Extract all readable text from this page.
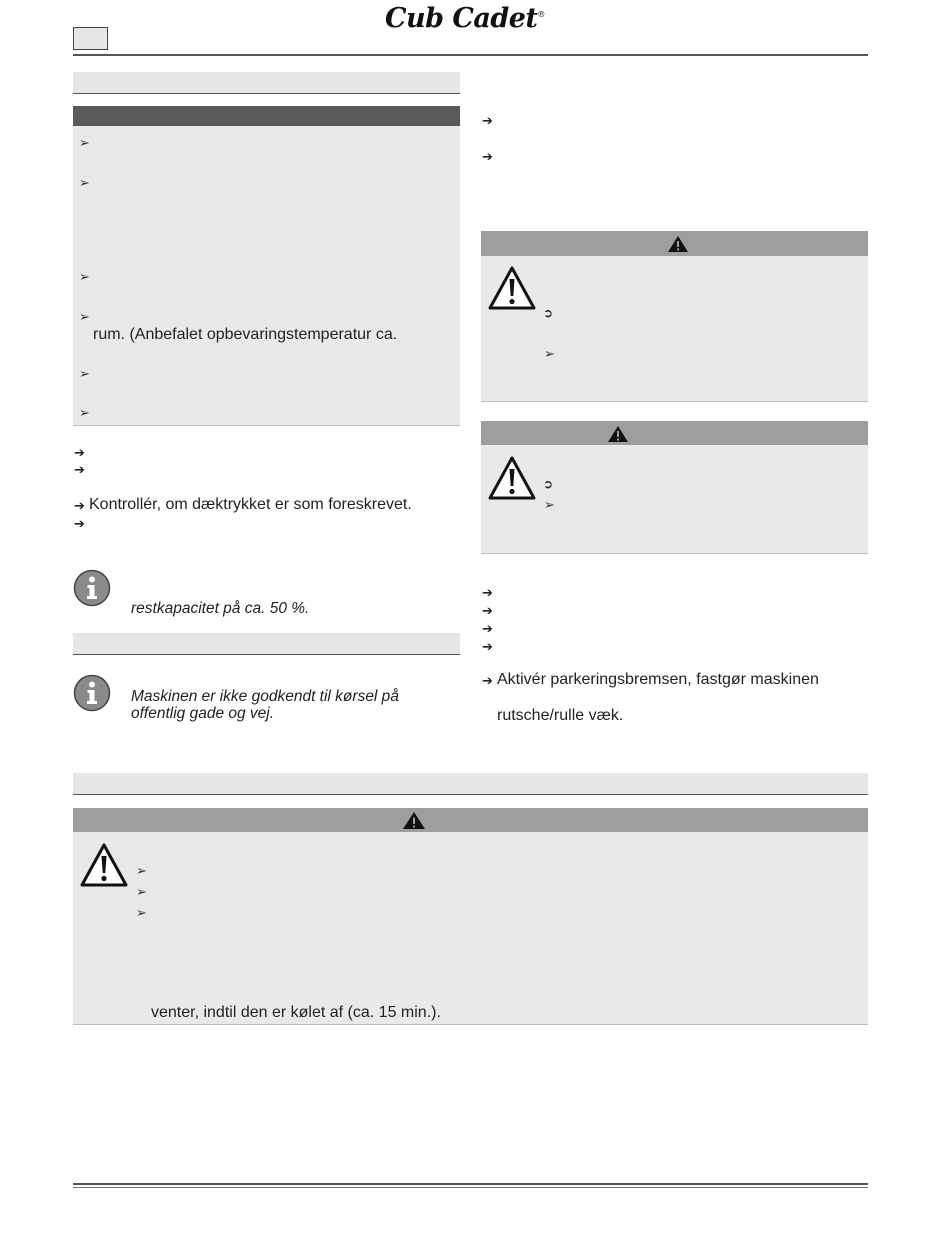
Cub Cadet®
➢
➢
➢
➢
rum. (Anbefalet opbevaringstemperatur ca.
➢
➢
➔
➔
➔ Kontrollér, om dæktrykket er som foreskrevet.
➔
restkapacitet på ca. 50 %.
Maskinen er ikke godkendt til kørsel på
offentlig gade og vej.
➔
➔
➲
➢
➲
➢
➔
➔
➔
➔
➔ Aktivér parkeringsbremsen, fastgør maskinen
rutsche/rulle væk.
➢
➢
➢
venter, indtil den er kølet af (ca. 15 min.).
